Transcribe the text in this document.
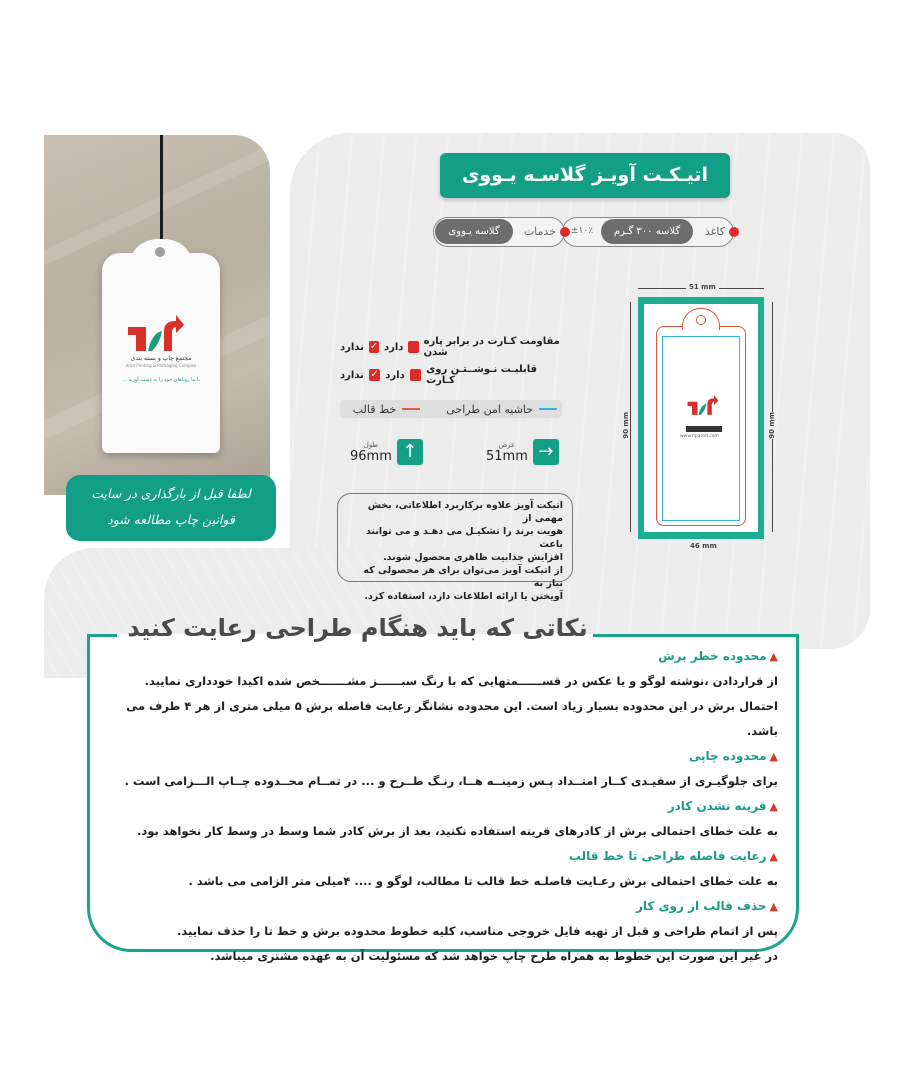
مجتمع چاپ و بسته بندی
Arad Printing & Packaging Complex
با ما رویاهای خود را به دست آورید ...
لطفا قبل از بارگذاری در سایت
قوانین چاپ مطالعه شود
اتیـکـت آویـز گلاسـه یـووی
کاغذ
گلاسه ۳۰۰ گـرم
±۱۰٪
خدمات
گلاسه یـووی
مقاومت کـارت در برابر پاره شدن
دارد
✓
ندارد
قابلیـت نـوشــتـن روی کـارت
دارد
✓
ندارد
حاشیه امن طراحی
خط قالب
عرض
51mm →
طول
96mm ↑
اتیکت آویز علاوه برکاربرد اطلاعاتی، بخش مهمی از
هویت برند را تشکیـل می دهـد و می توانند باعث
افزایش جذابیت ظاهری محصول شوند.
از اتیکت آویز می‌توان برای هر محصولی که نیاز به
آویختن یا ارائه اطلاعات دارد، استفاده کرد.
51 mm
90 mm	90 mm
www.hparod.com
46 mm
▲محدوده خطر برش

از قراردادن ،نوشته لوگو و یا عکس در قســــــمتهایی که با رنگ سبــــــز مشـــــــخص شده اکیدا خودداری نمایید.

احتمال برش در این محدوده بسیار زیاد است. این محدوده نشانگر رعایت فاصله برش ۵ میلی متری از هر ۴ طرف می باشد.

▲محدوده چاپی

برای جلوگیـری از سفیـدی کــار امتــداد پـس زمینــه هــا، رنـگ طــرح و ... در تمــام محــدوده چــاپ الـــزامی است .

▲قرینه نشدن کادر

به علت خطای احتمالی برش از کادرهای قرینه استفاده نکنید، بعد از برش کادر شما وسط در وسط کار نخواهد بود.

▲رعایت فاصله طراحی تا خط قالب

به علت خطای احتمالی برش رعـایت فاصلـه خط قالب تا مطالب، لوگو و .... ۴میلی متر الزامی می باشد .

▲حذف قالب از روی کار

پس از اتمام طراحی و قبل از تهیه فایل خروجی مناسب، کلیه خطوط محدوده برش و خط تا را حذف نمایید.

در غیر این صورت این خطوط به همراه طرح چاپ خواهد شد که مسئولیت آن به عهده مشتری میباشد.

نکاتی که باید هنگام طراحی رعایت کنید
